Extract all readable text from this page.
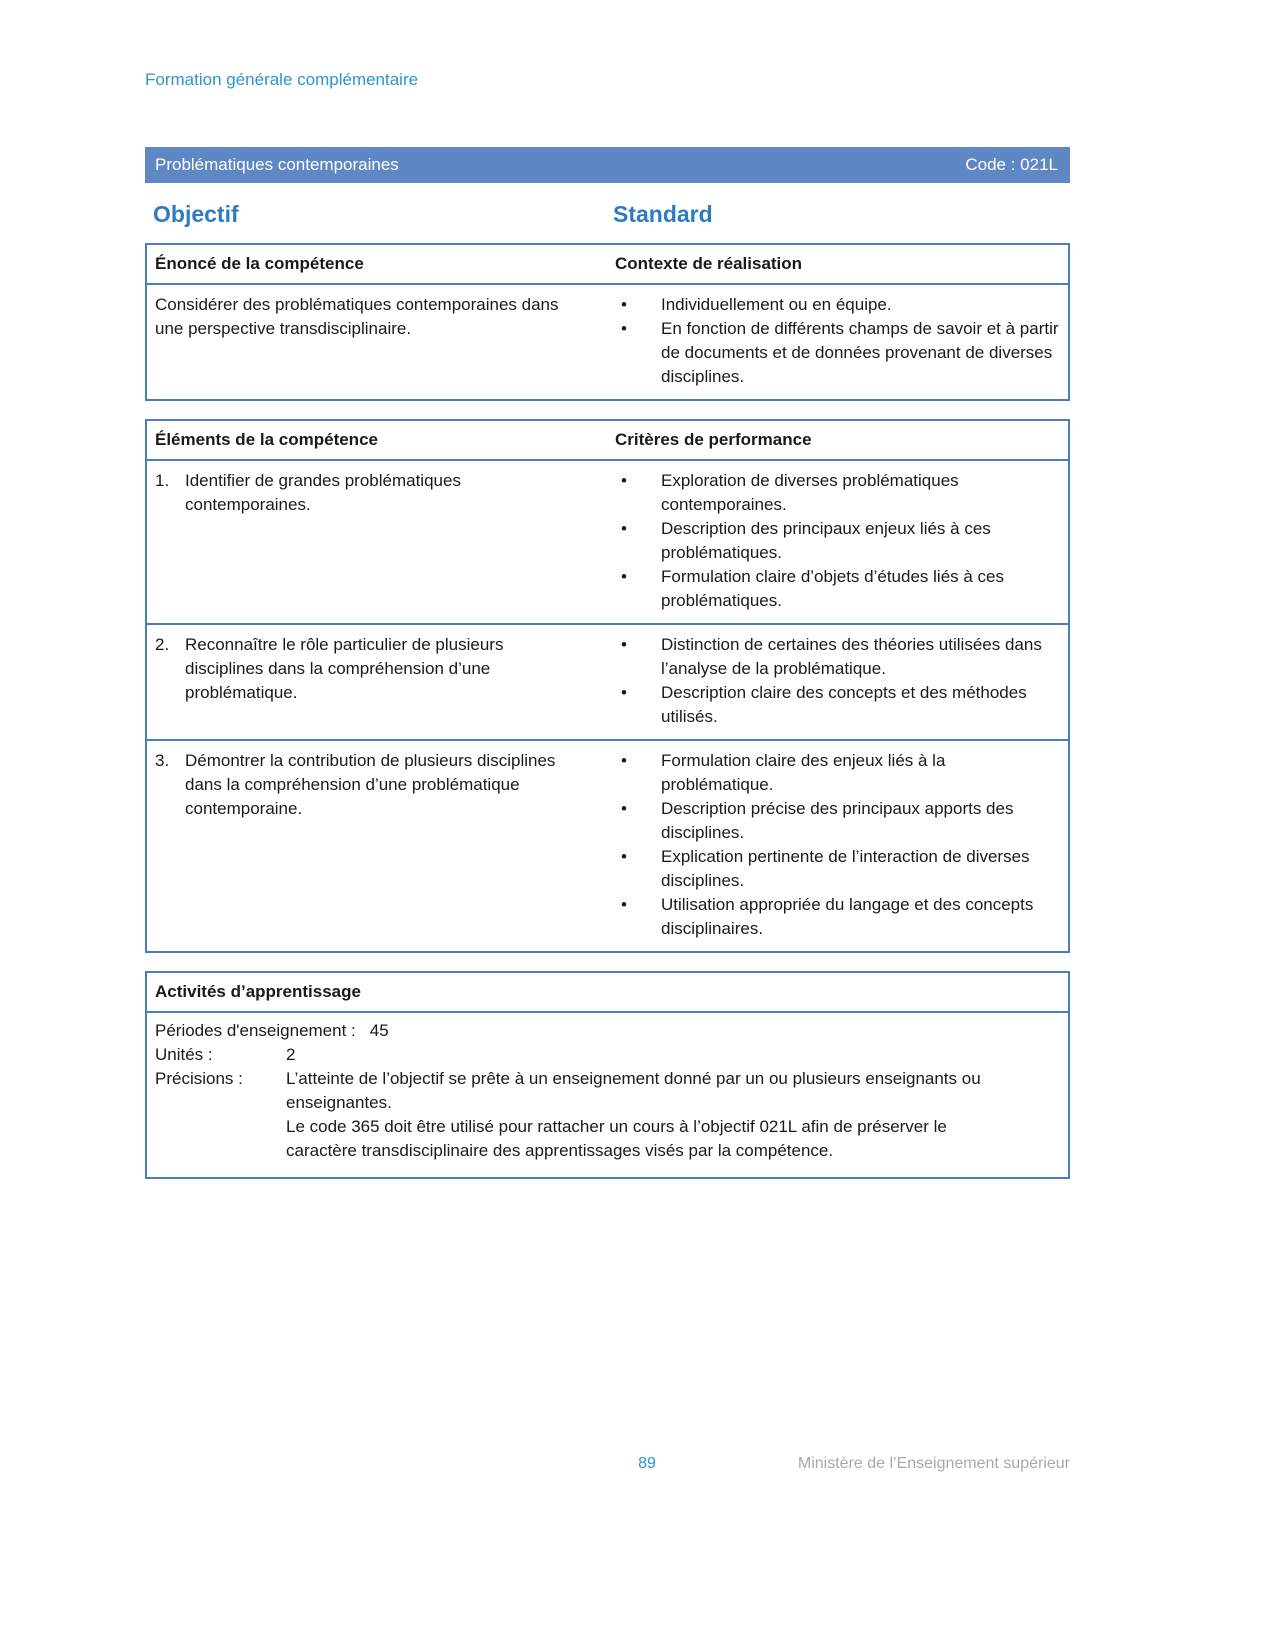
Formation générale complémentaire
Problématiques contemporaines	Code : 021L
Objectif	Standard
Énoncé de la compétence	Contexte de réalisation
Considérer des problématiques contemporaines dans une perspective transdisciplinaire.
• Individuellement ou en équipe.
• En fonction de différents champs de savoir et à partir de documents et de données provenant de diverses disciplines.
Éléments de la compétence	Critères de performance
1. Identifier de grandes problématiques contemporaines.
• Exploration de diverses problématiques contemporaines.
• Description des principaux enjeux liés à ces problématiques.
• Formulation claire d’objets d’études liés à ces problématiques.
2. Reconnaître le rôle particulier de plusieurs disciplines dans la compréhension d’une problématique.
• Distinction de certaines des théories utilisées dans l’analyse de la problématique.
• Description claire des concepts et des méthodes utilisés.
3. Démontrer la contribution de plusieurs disciplines dans la compréhension d’une problématique contemporaine.
• Formulation claire des enjeux liés à la problématique.
• Description précise des principaux apports des disciplines.
• Explication pertinente de l’interaction de diverses disciplines.
• Utilisation appropriée du langage et des concepts disciplinaires.
Activités d’apprentissage
Périodes d'enseignement : 45
Unités :	2
Précisions :	L’atteinte de l’objectif se prête à un enseignement donné par un ou plusieurs enseignants ou enseignantes.
Le code 365 doit être utilisé pour rattacher un cours à l’objectif 021L afin de préserver le caractère transdisciplinaire des apprentissages visés par la compétence.
89	Ministère de l’Enseignement supérieur
